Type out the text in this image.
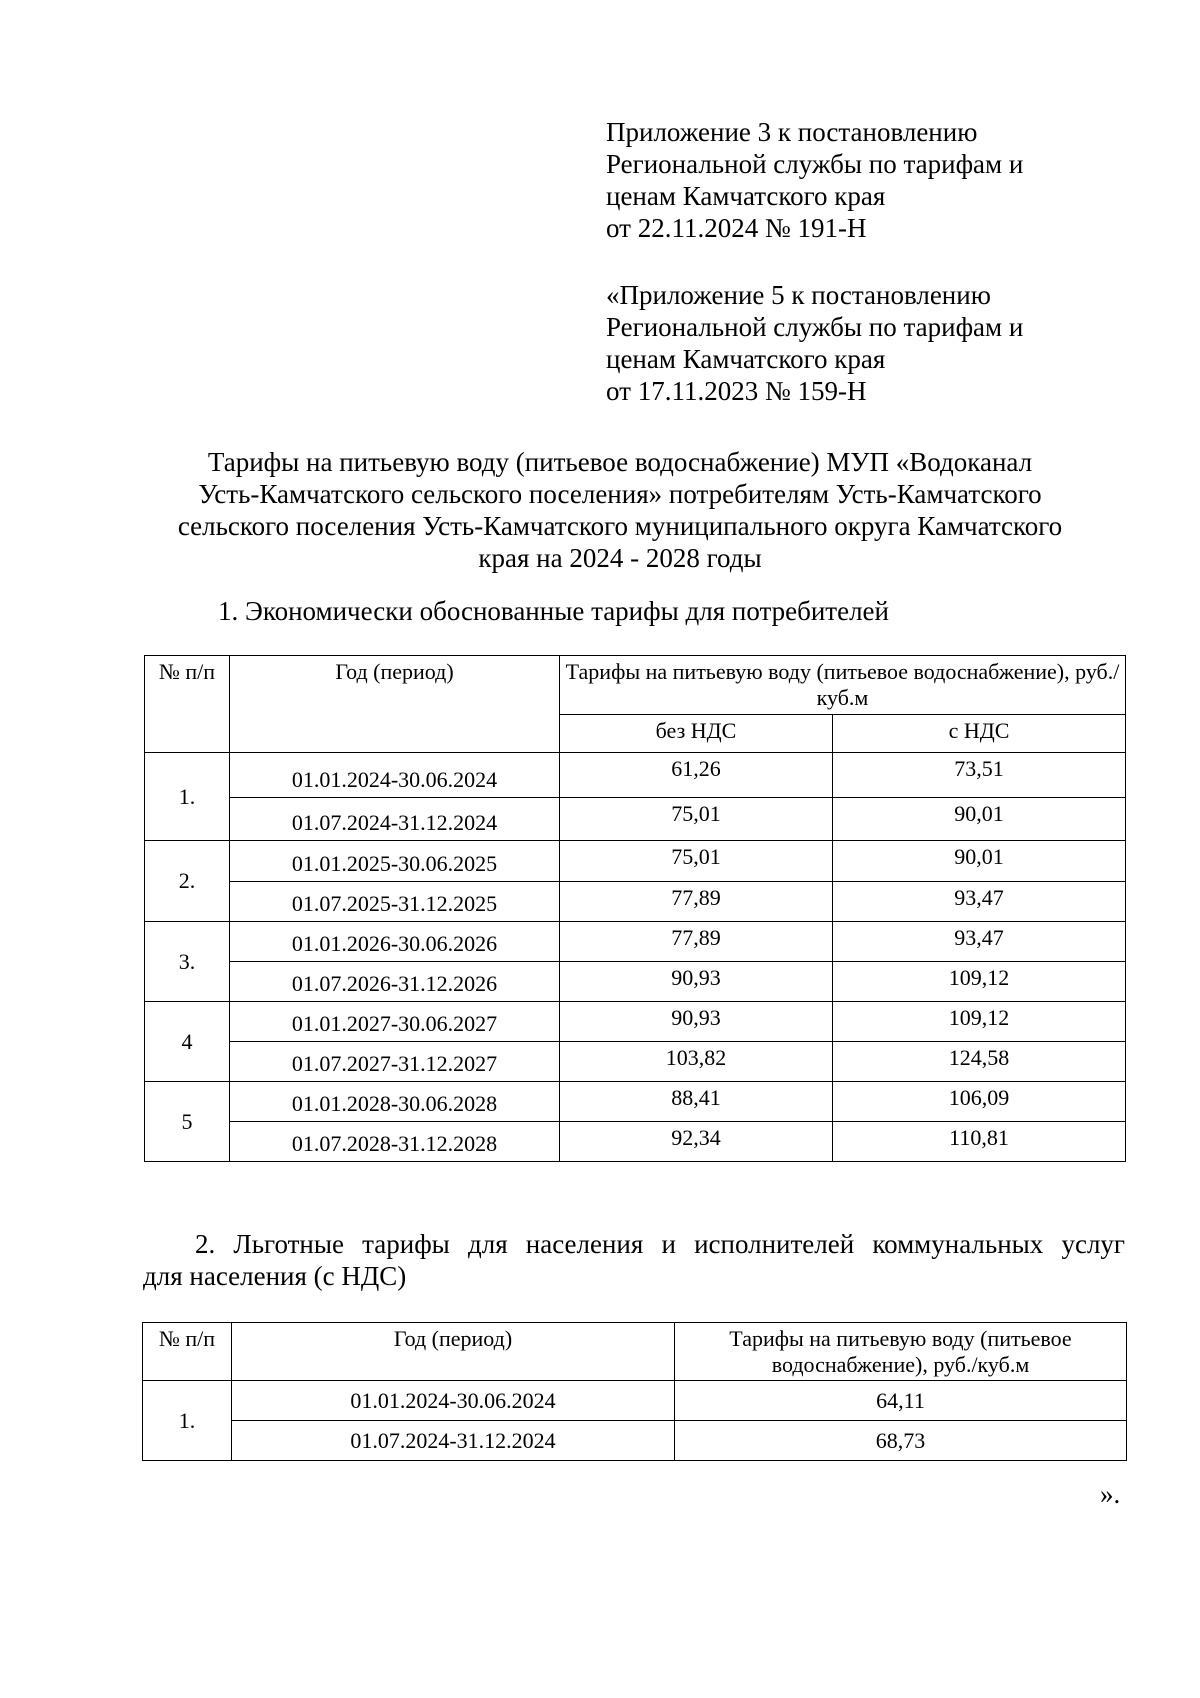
Приложение 3 к постановлению
Региональной службы по тарифам и
ценам Камчатского края
от 22.11.2024 № 191-Н
«Приложение 5 к постановлению
Региональной службы по тарифам и
ценам Камчатского края
от 17.11.2023 № 159-Н
Тарифы на питьевую воду (питьевое водоснабжение) МУП «Водоканал
Усть-Камчатского сельского поселения» потребителям Усть-Камчатского
сельского поселения Усть-Камчатского муниципального округа Камчатского
края на 2024 - 2028 годы
1. Экономически обоснованные тарифы для потребителей
№ п/п	Год (период)	Тарифы на питьевую воду (питьевое водоснабжение), руб./куб.м	
		без НДС	с НДС
1.	01.01.2024-30.06.2024	61,26	73,51
	01.07.2024-31.12.2024	75,01	90,01
2.	01.01.2025-30.06.2025	75,01	90,01
	01.07.2025-31.12.2025	77,89	93,47
3.	01.01.2026-30.06.2026	77,89	93,47
	01.07.2026-31.12.2026	90,93	109,12
4	01.01.2027-30.06.2027	90,93	109,12
	01.07.2027-31.12.2027	103,82	124,58
5	01.01.2028-30.06.2028	88,41	106,09
	01.07.2028-31.12.2028	92,34	110,81
2. Льготные тарифы для населения и исполнителей коммунальных услуг
для населения (с НДС)
№ п/п	Год (период)	Тарифы на питьевую воду (питьевое водоснабжение), руб./куб.м
1.	01.01.2024-30.06.2024	64,11
	01.07.2024-31.12.2024	68,73
».
